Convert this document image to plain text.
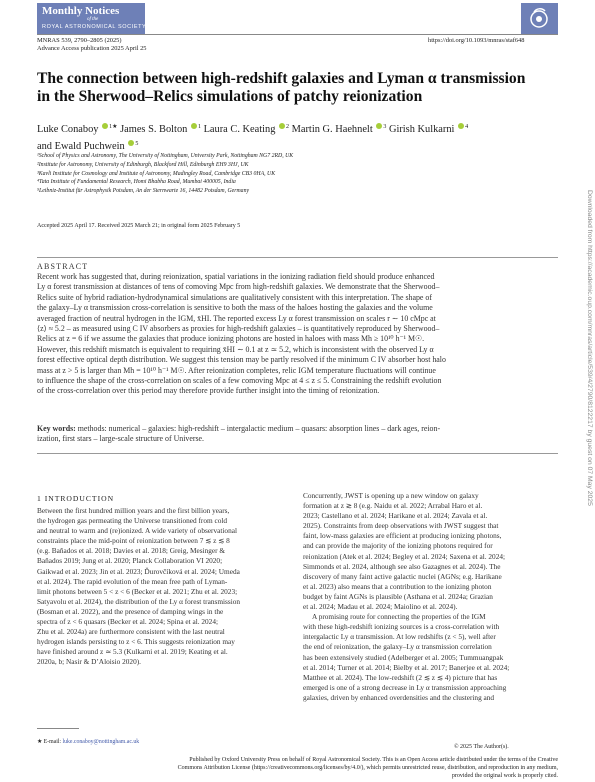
Monthly Notices
of the
ROYAL ASTRONOMICAL SOCIETY
MNRAS 539, 2790–2805 (2025)
Advance Access publication 2025 April 25
https://doi.org/10.1093/mnras/staf648
The connection between high-redshift galaxies and Lyman α transmission
in the Sherwood–Relics simulations of patchy reionization
Luke Conaboy $^{1★}$ James S. Bolton $^1$ Laura C. Keating $^2$ Martin G. Haehnelt $^3$ Girish Kulkarni $^4$
and Ewald Puchwein $^5$
¹School of Physics and Astronomy, The University of Nottingham, University Park, Nottingham NG7 2RD, UK
²Institute for Astronomy, University of Edinburgh, Blackford Hill, Edinburgh EH9 3HJ, UK
³Kavli Institute for Cosmology and Institute of Astronomy, Madingley Road, Cambridge CB3 0HA, UK
⁴Tata Institute of Fundamental Research, Homi Bhabha Road, Mumbai 400005, India
⁵Leibniz-Institut für Astrophysik Potsdam, An der Sternwarte 16, 14482 Potsdam, Germany
Accepted 2025 April 17. Received 2025 March 21; in original form 2025 February 5
ABSTRACT
Recent work has suggested that, during reionization, spatial variations in the ionizing radiation field should produce enhanced
Ly α forest transmission at distances of tens of comoving Mpc from high-redshift galaxies. We demonstrate that the Sherwood–
Relics suite of hybrid radiation-hydrodynamical simulations are qualitatively consistent with this interpretation. The shape of
the galaxy–Ly α transmission cross-correlation is sensitive to both the mass of the haloes hosting the galaxies and the volume
averaged fraction of neutral hydrogen in the IGM, x̄HI. The reported excess Ly α forest transmission on scales r ∼ 10 cMpc at
⟨z⟩ ≈ 5.2 – as measured using C IV absorbers as proxies for high-redshift galaxies – is quantitatively reproduced by Sherwood–
Relics at z = 6 if we assume the galaxies that produce ionizing photons are hosted in haloes with mass Mh ≥ 10¹⁰ h⁻¹ M☉.
However, this redshift mismatch is equivalent to requiring x̄HI ∼ 0.1 at z ≃ 5.2, which is inconsistent with the observed Ly α
forest effective optical depth distribution. We suggest this tension may be partly resolved if the minimum C IV absorber host halo
mass at z > 5 is larger than Mh = 10¹⁰ h⁻¹ M☉. After reionization completes, relic IGM temperature fluctuations will continue
to influence the shape of the cross-correlation on scales of a few comoving Mpc at 4 ≤ z ≤ 5. Constraining the redshift evolution
of the cross-correlation over this period may therefore provide further insight into the timing of reionization.
Key words: methods: numerical – galaxies: high-redshift – intergalactic medium – quasars: absorption lines – dark ages, reion-
ization, first stars – large-scale structure of Universe.
1 INTRODUCTION
Between the first hundred million years and the first billion years,
the hydrogen gas permeating the Universe transitioned from cold
and neutral to warm and (re)ionized. A wide variety of observational
constraints place the mid-point of reionization between 7 ≲ z ≲ 8
(e.g. Bañados et al. 2018; Davies et al. 2018; Greig, Mesinger &
Bañados 2019; Jung et al. 2020; Planck Collaboration VI 2020;
Gaikwad et al. 2023; Jin et al. 2023; Ďurovčíková et al. 2024; Umeda
et al. 2024). The rapid evolution of the mean free path of Lyman-
limit photons between 5 < z < 6 (Becker et al. 2021; Zhu et al. 2023;
Satyavolu et al. 2024), the distribution of the Ly α forest transmission
(Bosman et al. 2022), and the presence of damping wings in the
spectra of z < 6 quasars (Becker et al. 2024; Spina et al. 2024;
Zhu et al. 2024a) are furthermore consistent with the last neutral
hydrogen islands persisting to z < 6. This suggests reionization may
have finished around z ≃ 5.3 (Kulkarni et al. 2019; Keating et al.
2020a, b; Nasir & D’Aloisio 2020).
Concurrently, JWST is opening up a new window on galaxy
formation at z ≳ 8 (e.g. Naidu et al. 2022; Arrabal Haro et al.
2023; Castellano et al. 2024; Harikane et al. 2024; Zavala et al.
2025). Constraints from deep observations with JWST suggest that
faint, low-mass galaxies are efficient at producing ionizing photons,
and can provide the majority of the ionizing photons required for
reionization (Atek et al. 2024; Begley et al. 2024; Saxena et al. 2024;
Simmonds et al. 2024, although see also Gazagnes et al. 2024). The
discovery of many faint active galactic nuclei (AGNs; e.g. Harikane
et al. 2023) also means that a contribution to the ionizing photon
budget by faint AGNs is plausible (Asthana et al. 2024a; Grazian
et al. 2024; Madau et al. 2024; Maiolino et al. 2024).
A promising route for connecting the properties of the IGM
with these high-redshift ionizing sources is a cross-correlation with
intergalactic Ly α transmission. At low redshifts (z < 5), well after
the end of reionization, the galaxy–Ly α transmission correlation
has been extensively studied (Adelberger et al. 2005; Tummuangpak
et al. 2014; Turner et al. 2014; Bielby et al. 2017; Banerjee et al. 2024;
Matthee et al. 2024). The low-redshift (2 ≲ z ≲ 4) picture that has
emerged is one of a strong decrease in Ly α transmission approaching
galaxies, driven by enhanced overdensities and the clustering and
★ E-mail: luke.conaboy@nottingham.ac.uk
© 2025 The Author(s).
Published by Oxford University Press on behalf of Royal Astronomical Society. This is an Open Access article distributed under the terms of the Creative
Commons Attribution License (https://creativecommons.org/licenses/by/4.0/), which permits unrestricted reuse, distribution, and reproduction in any medium,
provided the original work is properly cited.
Downloaded from https://academic.oup.com/mnras/article/539/4/2790/8122217 by guest on 07 May 2025
